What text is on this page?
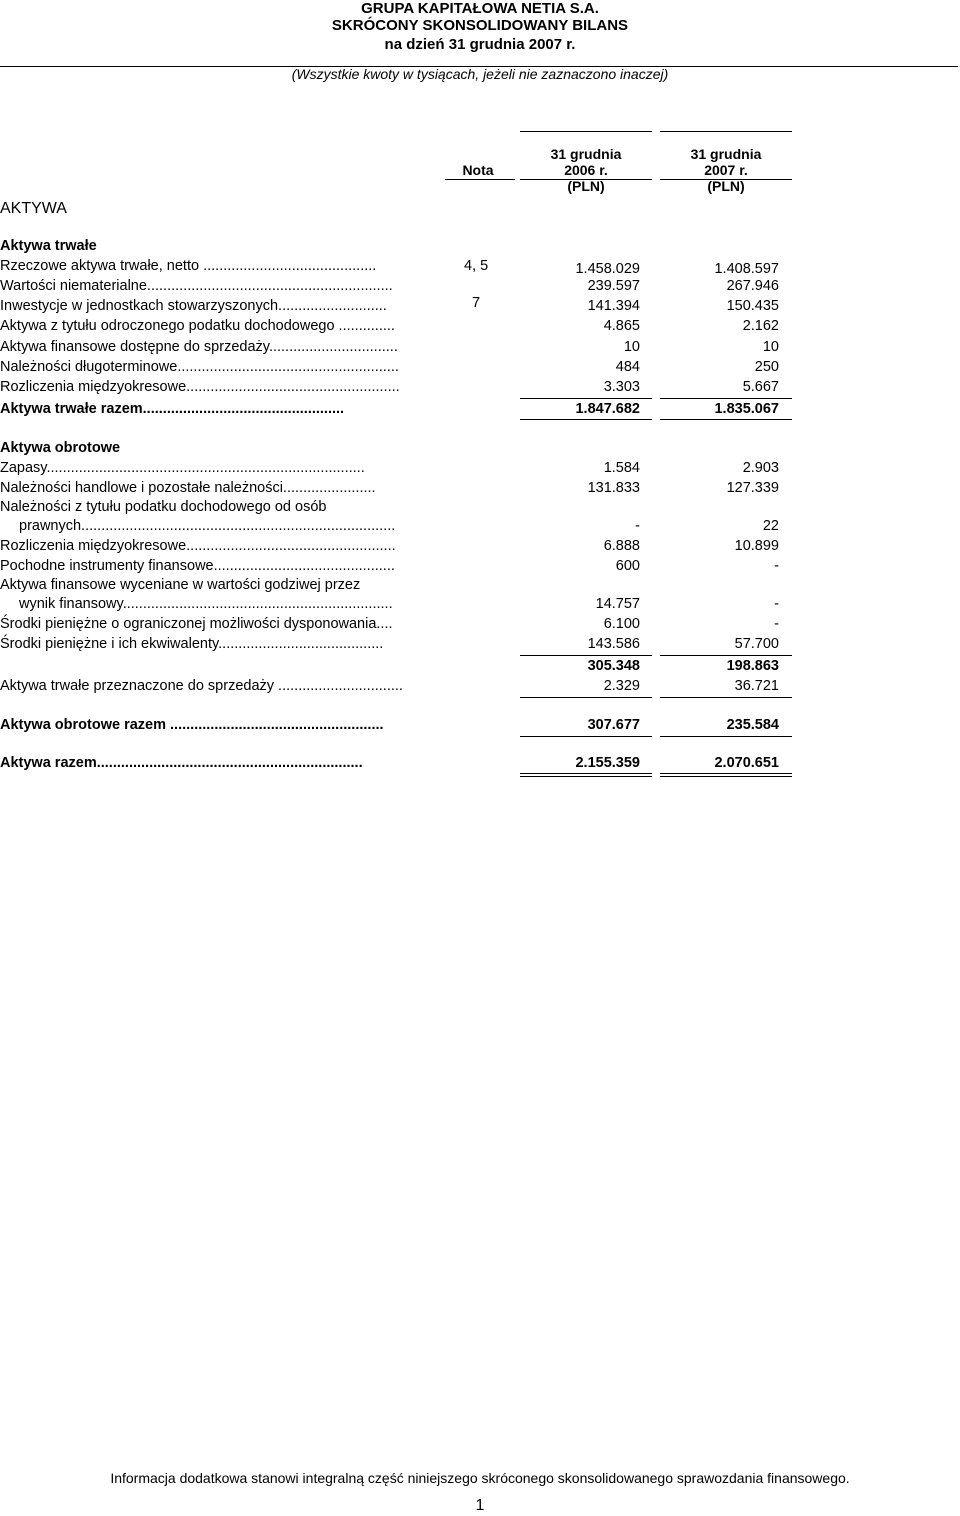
GRUPA KAPITAŁOWA NETIA S.A.
SKRÓCONY SKONSOLIDOWANY BILANS
na dzień 31 grudnia 2007 r.
(Wszystkie kwoty w tysiącach, jeżeli nie zaznaczono inaczej)
Nota
31 grudnia
2006 r.
(PLN)
31 grudnia
2007 r.
(PLN)
AKTYWA
Aktywa trwałe
Rzeczowe aktywa trwałe, netto ...........................................	4, 5	1.458.029	1.408.597
Wartości niematerialne.............................................................	239.597	267.946
Inwestycje w jednostkach stowarzyszonych...........................	7	141.394	150.435
Aktywa z tytułu odroczonego podatku dochodowego ..............	4.865	2.162
Aktywa finansowe dostępne do sprzedaży................................	10	10
Należności długoterminowe.......................................................	484	250
Rozliczenia międzyokresowe.....................................................	3.303	5.667
Aktywa trwałe razem..................................................	1.847.682	1.835.067
Aktywa obrotowe
Zapasy...............................................................................	1.584	2.903
Należności handlowe i pozostałe należności.......................	131.833	127.339
Należności z tytułu podatku dochodowego od osób
prawnych..............................................................................	-	22
Rozliczenia międzyokresowe....................................................	6.888	10.899
Pochodne instrumenty finansowe.............................................	600	-
Aktywa finansowe wyceniane w wartości godziwej przez
wynik finansowy...................................................................	14.757	-
Środki pieniężne o ograniczonej możliwości dysponowania....	6.100	-
Środki pieniężne i ich ekwiwalenty.........................................	143.586	57.700
305.348	198.863
Aktywa trwałe przeznaczone do sprzedaży ...............................	2.329	36.721
Aktywa obrotowe razem .....................................................	307.677	235.584
Aktywa razem..................................................................	2.155.359	2.070.651
Informacja dodatkowa stanowi integralną część niniejszego skróconego skonsolidowanego sprawozdania finansowego.
1
